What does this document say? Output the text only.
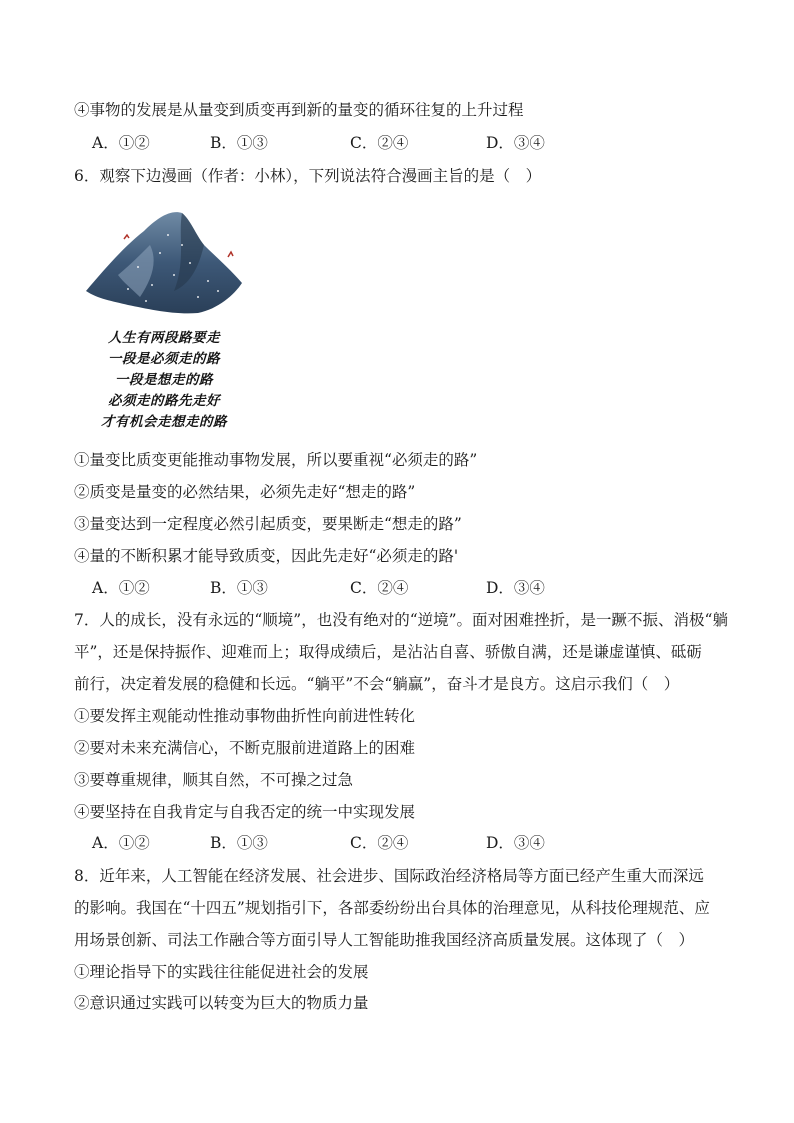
④事物的发展是从量变到质变再到新的量变的循环往复的上升过程
A．①②	B．①③	C．②④	D．③④
6．观察下边漫画（作者：小林），下列说法符合漫画主旨的是（　）
人生有两段路要走
一段是必须走的路
一段是想走的路
必须走的路先走好
才有机会走想走的路
①量变比质变更能推动事物发展，所以要重视“必须走的路”
②质变是量变的必然结果，必须先走好“想走的路”
③量变达到一定程度必然引起质变，要果断走“想走的路”
④量的不断积累才能导致质变，因此先走好“必须走的路'
A．①②	B．①③	C．②④	D．③④
7．人的成长，没有永远的“顺境”，也没有绝对的“逆境”。面对困难挫折，是一蹶不振、消极“躺
平”，还是保持振作、迎难而上；取得成绩后，是沾沾自喜、骄傲自满，还是谦虚谨慎、砥砺
前行，决定着发展的稳健和长远。“躺平”不会“躺赢”，奋斗才是良方。这启示我们（　）
①要发挥主观能动性推动事物曲折性向前进性转化
②要对未来充满信心，不断克服前进道路上的困难
③要尊重规律，顺其自然，不可操之过急
④要坚持在自我肯定与自我否定的统一中实现发展
A．①②	B．①③	C．②④	D．③④
8．近年来，人工智能在经济发展、社会进步、国际政治经济格局等方面已经产生重大而深远
的影响。我国在“十四五”规划指引下，各部委纷纷出台具体的治理意见，从科技伦理规范、应
用场景创新、司法工作融合等方面引导人工智能助推我国经济高质量发展。这体现了（　）
①理论指导下的实践往往能促进社会的发展
②意识通过实践可以转变为巨大的物质力量
